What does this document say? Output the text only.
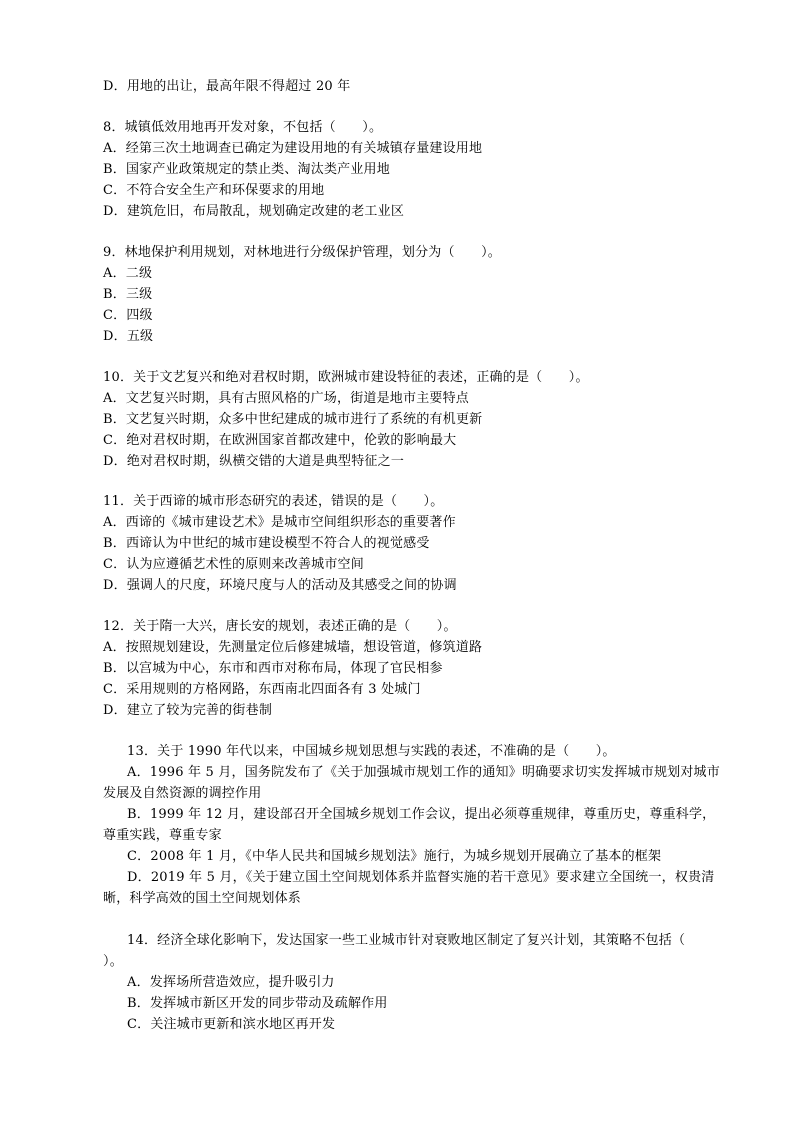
D．用地的出让，最高年限不得超过 20 年
8．城镇低效用地再开发对象，不包括（　　）。
A．经第三次土地调查已确定为建设用地的有关城镇存量建设用地
B．国家产业政策规定的禁止类、淘汰类产业用地
C．不符合安全生产和环保要求的用地
D．建筑危旧，布局散乱，规划确定改建的老工业区
9．林地保护利用规划，对林地进行分级保护管理，划分为（　　）。
A．二级
B．三级
C．四级
D．五级
10．关于文艺复兴和绝对君权时期，欧洲城市建设特征的表述，正确的是（　　）。
A．文艺复兴时期，具有古照风格的广场，街道是地市主要特点
B．文艺复兴时期，众多中世纪建成的城市进行了系统的有机更新
C．绝对君权时期，在欧洲国家首都改建中，伦敦的影响最大
D．绝对君权时期，纵横交错的大道是典型特征之一
11．关于西谛的城市形态研究的表述，错误的是（　　）。
A．西谛的《城市建设艺术》是城市空间组织形态的重要著作
B．西谛认为中世纪的城市建设模型不符合人的视觉感受
C．认为应遵循艺术性的原则来改善城市空间
D．强调人的尺度，环境尺度与人的活动及其感受之间的协调
12．关于隋一大兴，唐长安的规划，表述正确的是（　　）。
A．按照规划建设，先测量定位后修建城墙，想设管道，修筑道路
B．以宫城为中心，东市和西市对称布局，体现了官民相参
C．采用规则的方格网路，东西南北四面各有 3 处城门
D．建立了较为完善的街巷制
13．关于 1990 年代以来，中国城乡规划思想与实践的表述，不准确的是（　　）。
A．1996 年 5 月，国务院发布了《关于加强城市规划工作的通知》明确要求切实发挥城市规划对城市
发展及自然资源的调控作用
B．1999 年 12 月，建设部召开全国城乡规划工作会议，提出必须尊重规律，尊重历史，尊重科学，
尊重实践，尊重专家
C．2008 年 1 月，《中华人民共和国城乡规划法》施行，为城乡规划开展确立了基本的框架
D．2019 年 5 月，《关于建立国土空间规划体系并监督实施的若干意见》要求建立全国统一，权贵清
晰，科学高效的国土空间规划体系
14．经济全球化影响下，发达国家一些工业城市针对衰败地区制定了复兴计划，其策略不包括（
）。
A．发挥场所营造效应，提升吸引力
B．发挥城市新区开发的同步带动及疏解作用
C．关注城市更新和滨水地区再开发
